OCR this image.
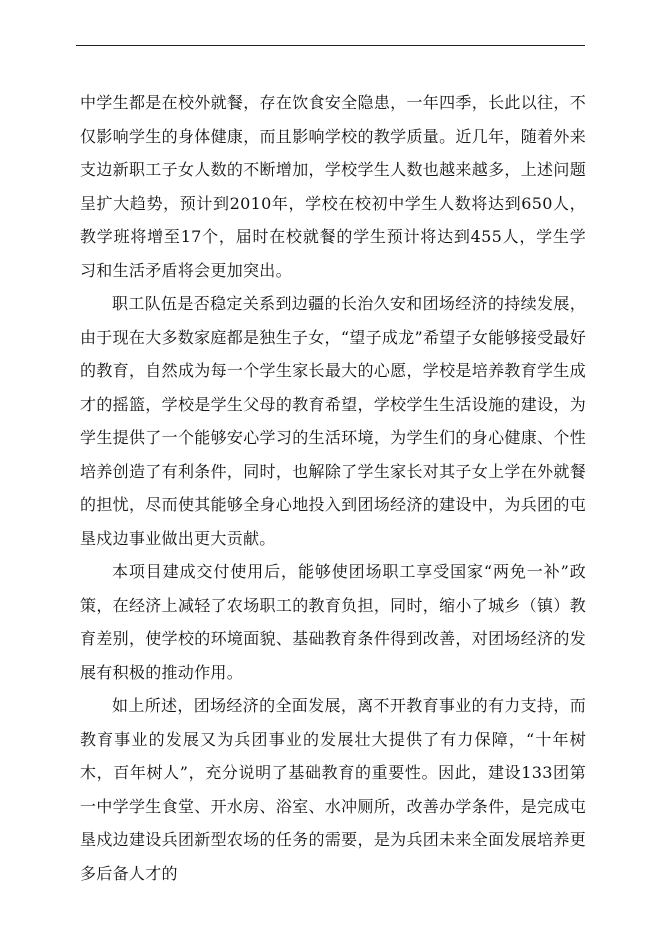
中学生都是在校外就餐，存在饮食安全隐患，一年四季，长此以往，不仅影响学生的身体健康，而且影响学校的教学质量。近几年，随着外来支边新职工子女人数的不断增加，学校学生人数也越来越多，上述问题呈扩大趋势，预计到2010年，学校在校初中学生人数将达到650人，教学班将增至17个，届时在校就餐的学生预计将达到455人，学生学习和生活矛盾将会更加突出。

职工队伍是否稳定关系到边疆的长治久安和团场经济的持续发展，由于现在大多数家庭都是独生子女，“望子成龙”希望子女能够接受最好的教育，自然成为每一个学生家长最大的心愿，学校是培养教育学生成才的摇篮，学校是学生父母的教育希望，学校学生生活设施的建设，为学生提供了一个能够安心学习的生活环境，为学生们的身心健康、个性培养创造了有利条件，同时，也解除了学生家长对其子女上学在外就餐的担忧，尽而使其能够全身心地投入到团场经济的建设中，为兵团的屯垦戍边事业做出更大贡献。

本项目建成交付使用后，能够使团场职工享受国家“两免一补”政策，在经济上减轻了农场职工的教育负担，同时，缩小了城乡（镇）教育差别，使学校的环境面貌、基础教育条件得到改善，对团场经济的发展有积极的推动作用。

如上所述，团场经济的全面发展，离不开教育事业的有力支持，而教育事业的发展又为兵团事业的发展壮大提供了有力保障，“十年树木，百年树人”，充分说明了基础教育的重要性。因此，建设133团第一中学学生食堂、开水房、浴室、水冲厕所，改善办学条件，是完成屯垦戍边建设兵团新型农场的任务的需要，是为兵团未来全面发展培养更多后备人才的
